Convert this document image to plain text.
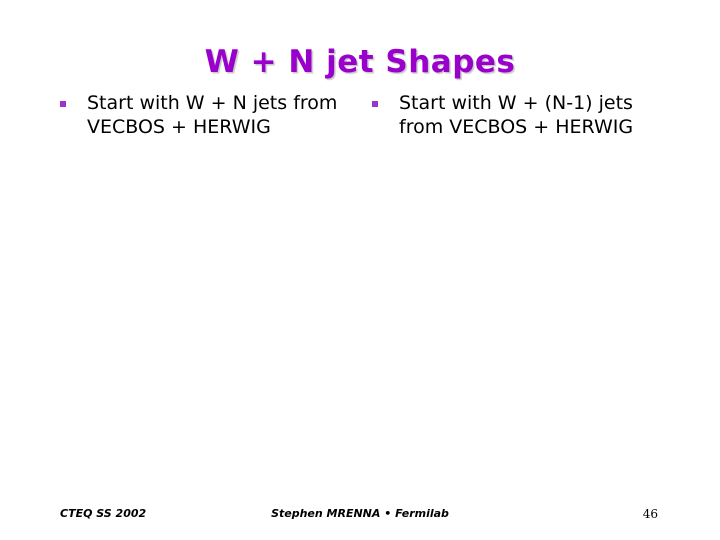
W + N jet Shapes
Start with W + N jets from VECBOS + HERWIG
Start with W + (N-1) jets from VECBOS + HERWIG
CTEQ SS 2002	Stephen MRENNA • Fermilab	46
